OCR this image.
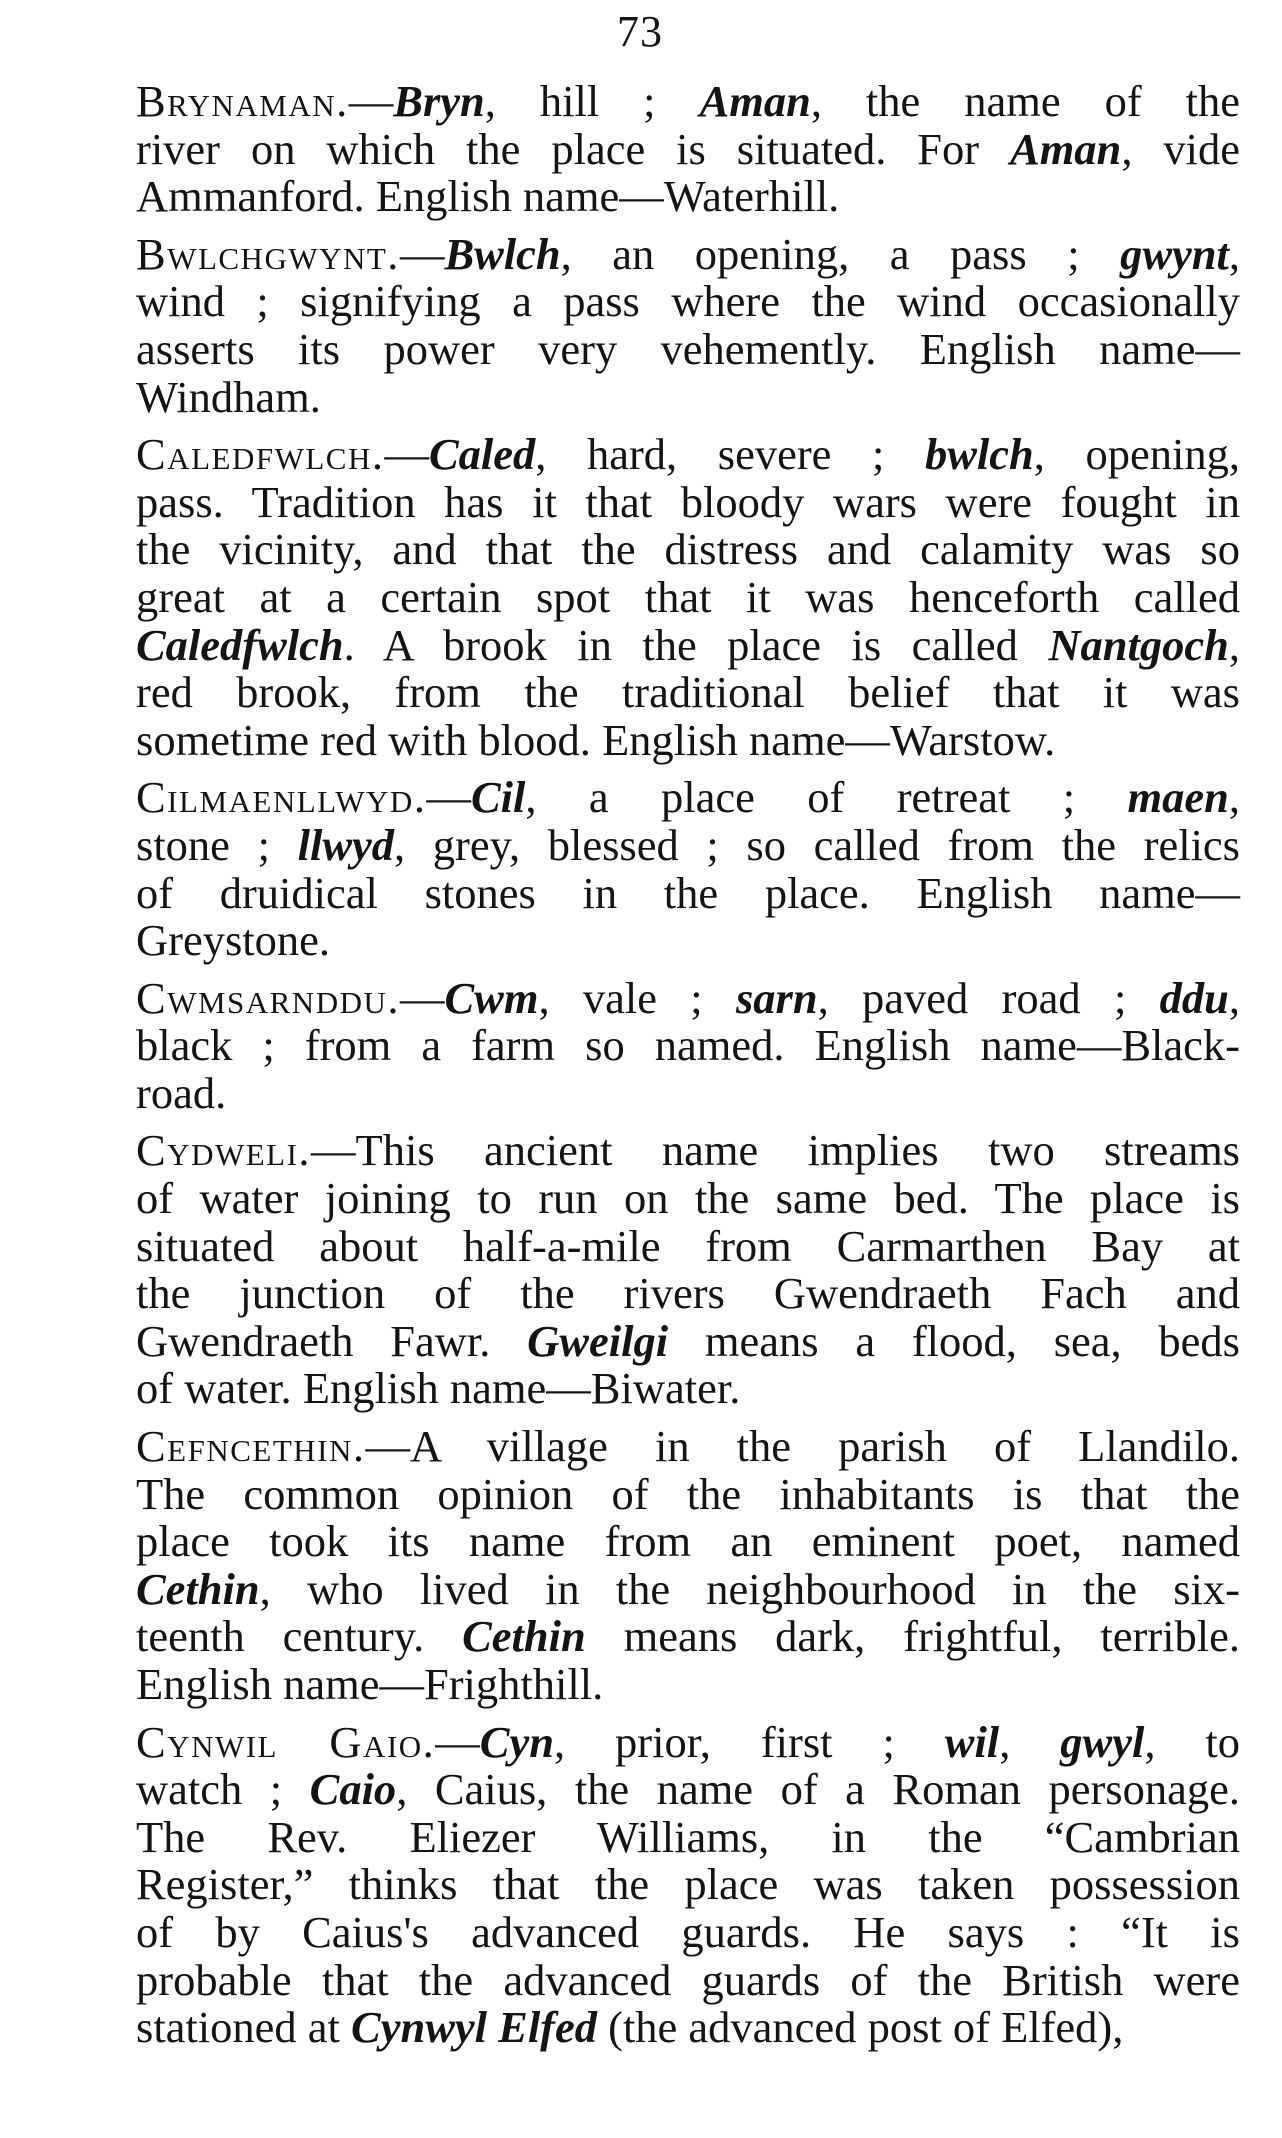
73
Brynaman.—Bryn, hill ; Aman, the name of the
river on which the place is situated. For Aman, vide
Ammanford. English name—Waterhill.
Bwlchgwynt.—Bwlch, an opening, a pass ; gwynt,
wind ; signifying a pass where the wind occasionally
asserts its power very vehemently. English name—
Windham.
Caledfwlch.—Caled, hard, severe ; bwlch, opening,
pass. Tradition has it that bloody wars were fought in
the vicinity, and that the distress and calamity was so
great at a certain spot that it was henceforth called
Caledfwlch. A brook in the place is called Nantgoch,
red brook, from the traditional belief that it was
sometime red with blood. English name—Warstow.
Cilmaenllwyd.—Cil, a place of retreat ; maen,
stone ; llwyd, grey, blessed ; so called from the relics
of druidical stones in the place. English name—
Greystone.
Cwmsarnddu.—Cwm, vale ; sarn, paved road ; ddu,
black ; from a farm so named. English name—Black-
road.
Cydweli.—This ancient name implies two streams
of water joining to run on the same bed. The place is
situated about half-a-mile from Carmarthen Bay at
the junction of the rivers Gwendraeth Fach and
Gwendraeth Fawr. Gweilgi means a flood, sea, beds
of water. English name—Biwater.
Cefncethin.—A village in the parish of Llandilo.
The common opinion of the inhabitants is that the
place took its name from an eminent poet, named
Cethin, who lived in the neighbourhood in the six-
teenth century. Cethin means dark, frightful, terrible.
English name—Frighthill.
Cynwil Gaio.—Cyn, prior, first ; wil, gwyl, to
watch ; Caio, Caius, the name of a Roman personage.
The Rev. Eliezer Williams, in the “Cambrian
Register,” thinks that the place was taken possession
of by Caius's advanced guards. He says : “It is
probable that the advanced guards of the British were
stationed at Cynwyl Elfed (the advanced post of Elfed),
